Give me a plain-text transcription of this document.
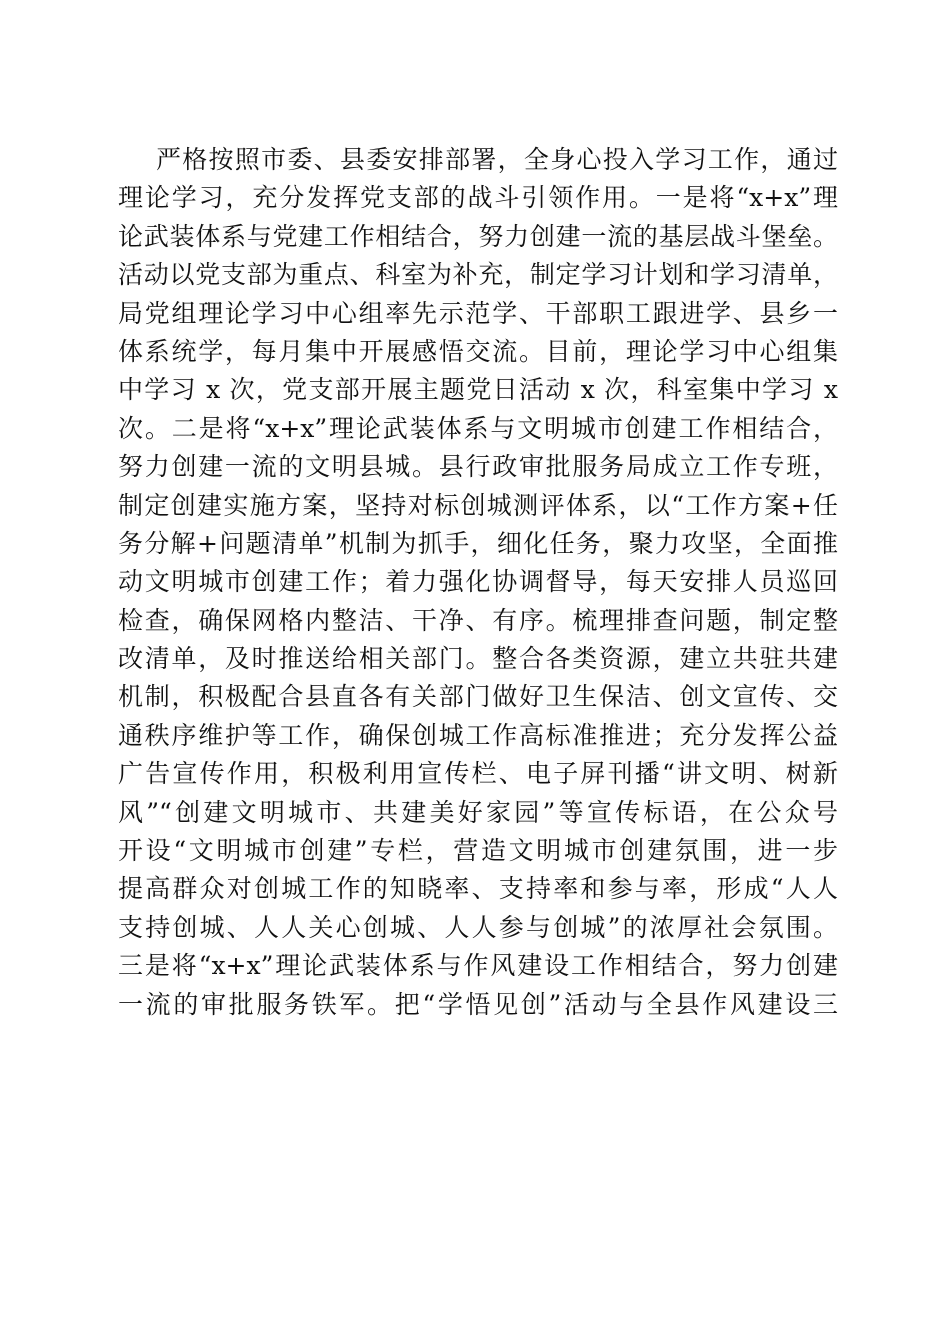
严格按照市委、县委安排部署，全身心投入学习工作，通过
理论学习，充分发挥党支部的战斗引领作用。一是将“x+x”理
论武装体系与党建工作相结合，努力创建一流的基层战斗堡垒。
活动以党支部为重点、科室为补充，制定学习计划和学习清单，
局党组理论学习中心组率先示范学、干部职工跟进学、县乡一
体系统学，每月集中开展感悟交流。目前，理论学习中心组集
中学习 x 次，党支部开展主题党日活动 x 次，科室集中学习 x
次。二是将“x+x”理论武装体系与文明城市创建工作相结合，
努力创建一流的文明县城。县行政审批服务局成立工作专班，
制定创建实施方案，坚持对标创城测评体系，以“工作方案+任
务分解+问题清单”机制为抓手，细化任务，聚力攻坚，全面推
动文明城市创建工作；着力强化协调督导，每天安排人员巡回
检查，确保网格内整洁、干净、有序。梳理排查问题，制定整
改清单，及时推送给相关部门。整合各类资源，建立共驻共建
机制，积极配合县直各有关部门做好卫生保洁、创文宣传、交
通秩序维护等工作，确保创城工作高标准推进；充分发挥公益
广告宣传作用，积极利用宣传栏、电子屏刊播“讲文明、树新
风”“创建文明城市、共建美好家园”等宣传标语，在公众号
开设“文明城市创建”专栏，营造文明城市创建氛围，进一步
提高群众对创城工作的知晓率、支持率和参与率，形成“人人
支持创城、人人关心创城、人人参与创城”的浓厚社会氛围。
三是将“x+x”理论武装体系与作风建设工作相结合，努力创建
一流的审批服务铁军。把“学悟见创”活动与全县作风建设三
